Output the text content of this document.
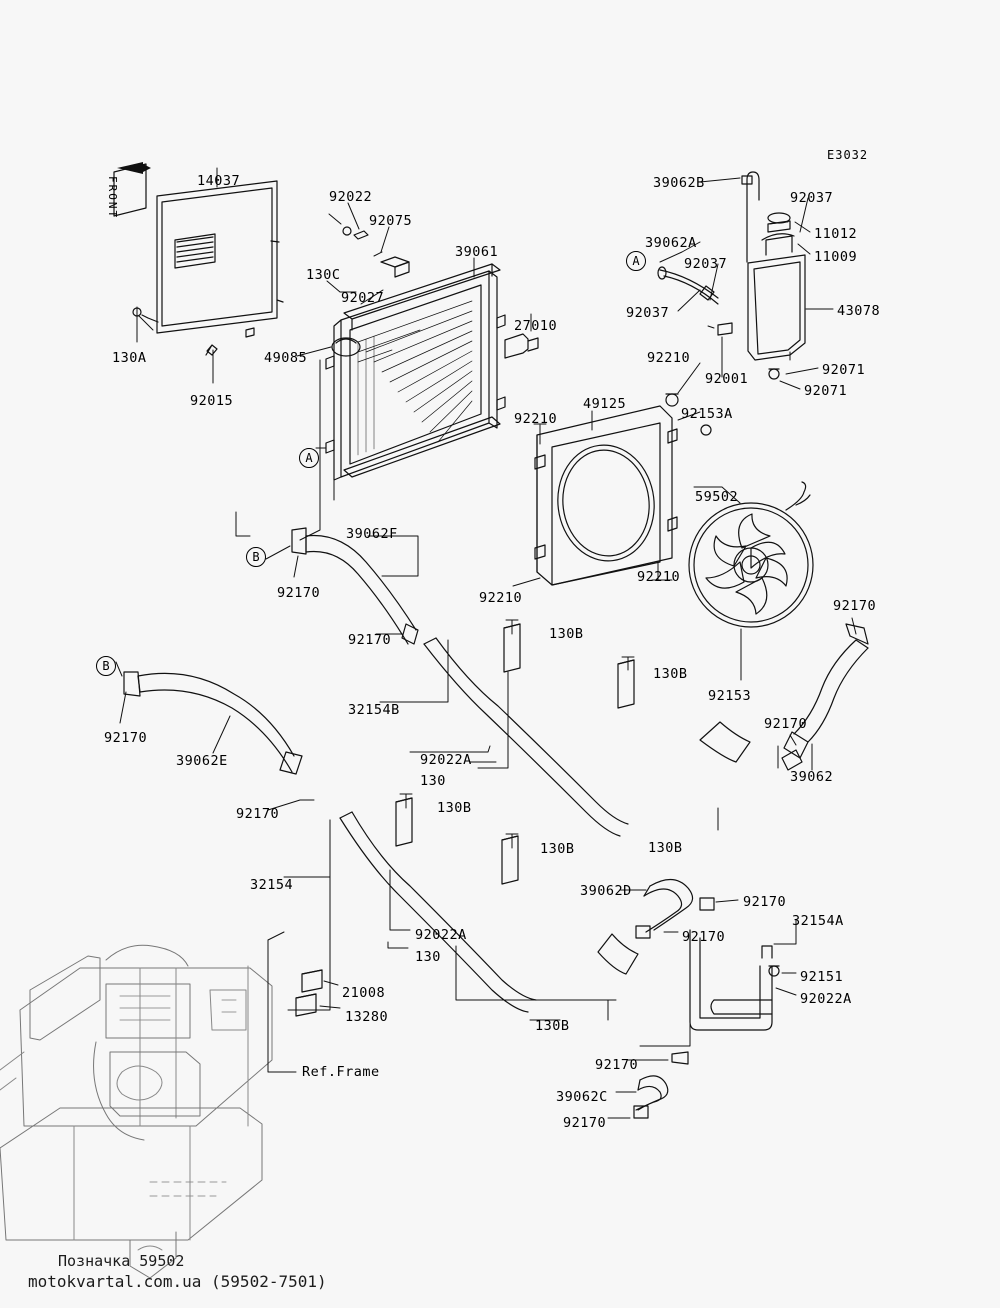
14037
92022
92075
39061
130C
92027
27010
130A	49085
92015
92210
49125
92210
92153A
92001
39062B
92037
39062A
92037
92037
11012
11009
43078
92071
92071
59502
92210
92210
39062F
92170
92170	130B
130B
92153
92170
92170
32154B
92022A
130	39062
130B
92170
39062E
92170	130B
130B
32154
92022A
130
39062D
92170
92170
32154A
92151
92022A
21008
13280
130B
92170
39062C
92170
A
A
B
B
E3032
FRONT
Ref.Frame
Позначка 59502
motokvartal.com.ua (59502-7501)
